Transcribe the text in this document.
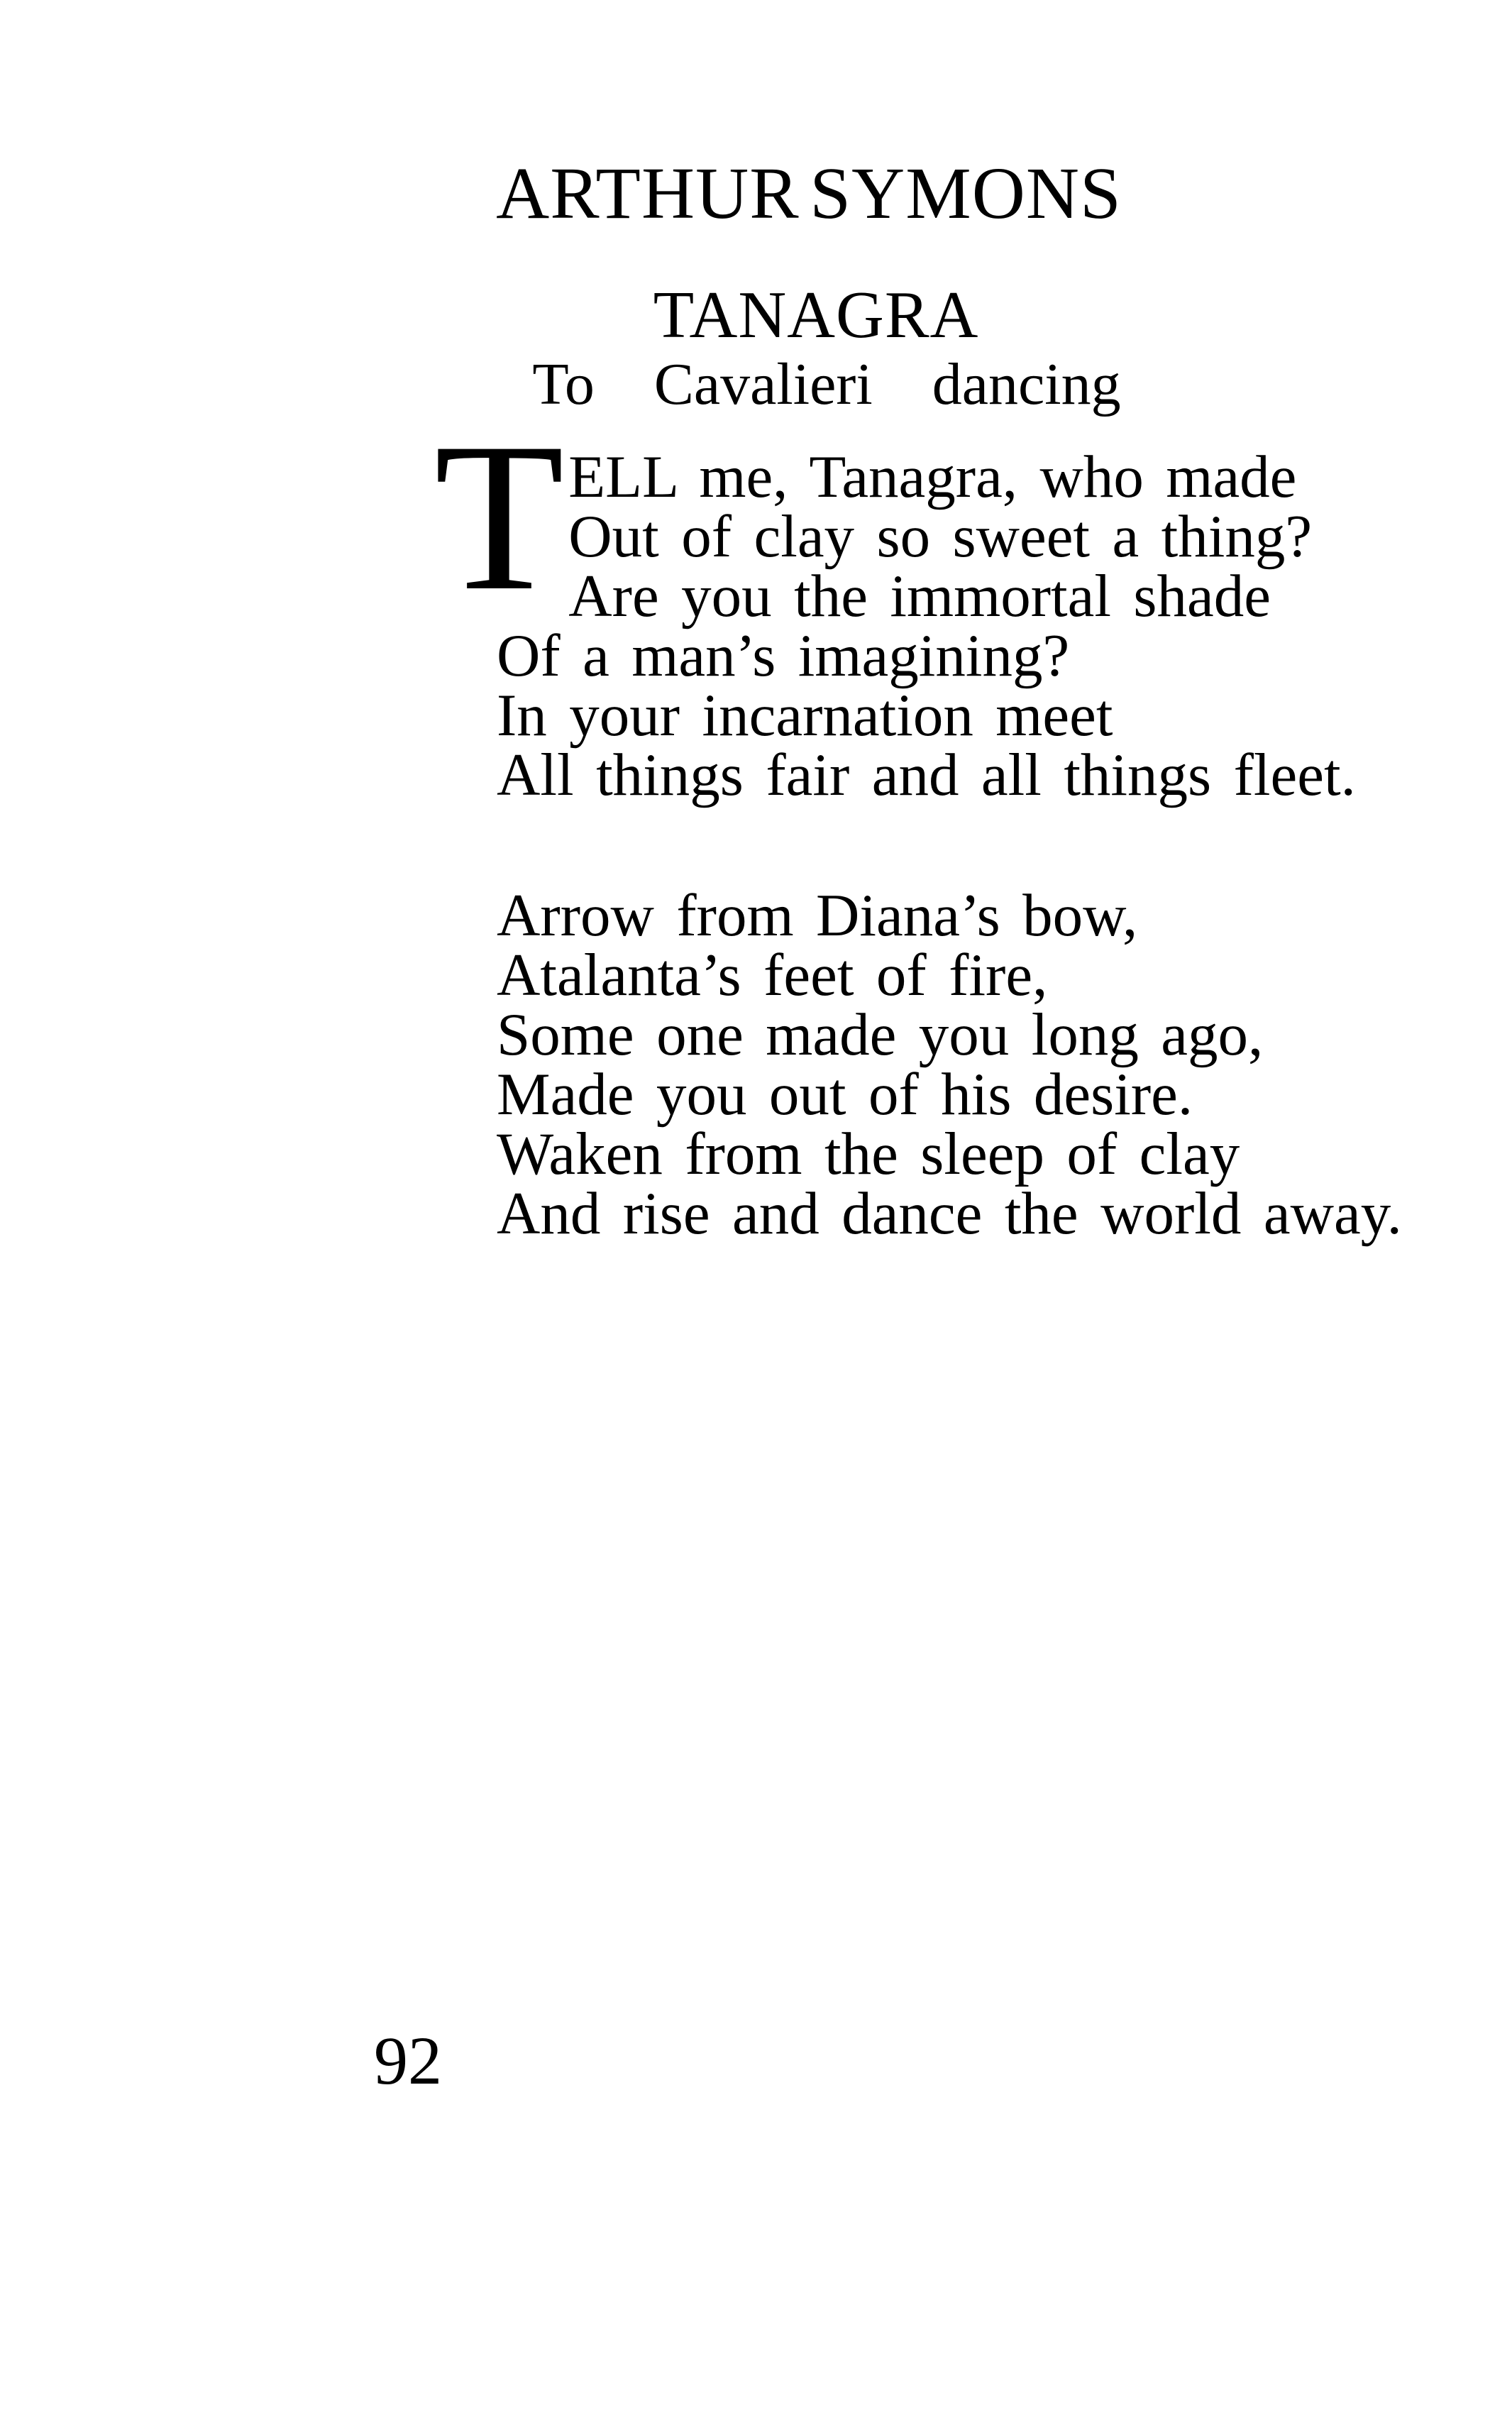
ARTHUR SYMONS
TANAGRA
To Cavalieri dancing
T ELL me, Tanagra, who made
Out of clay so sweet a thing?
Are you the immortal shade
Of a man’s imagining?
In your incarnation meet
All things fair and all things fleet.
Arrow from Diana’s bow,
Atalanta’s feet of fire,
Some one made you long ago,
Made you out of his desire.
Waken from the sleep of clay
And rise and dance the world away.
92
